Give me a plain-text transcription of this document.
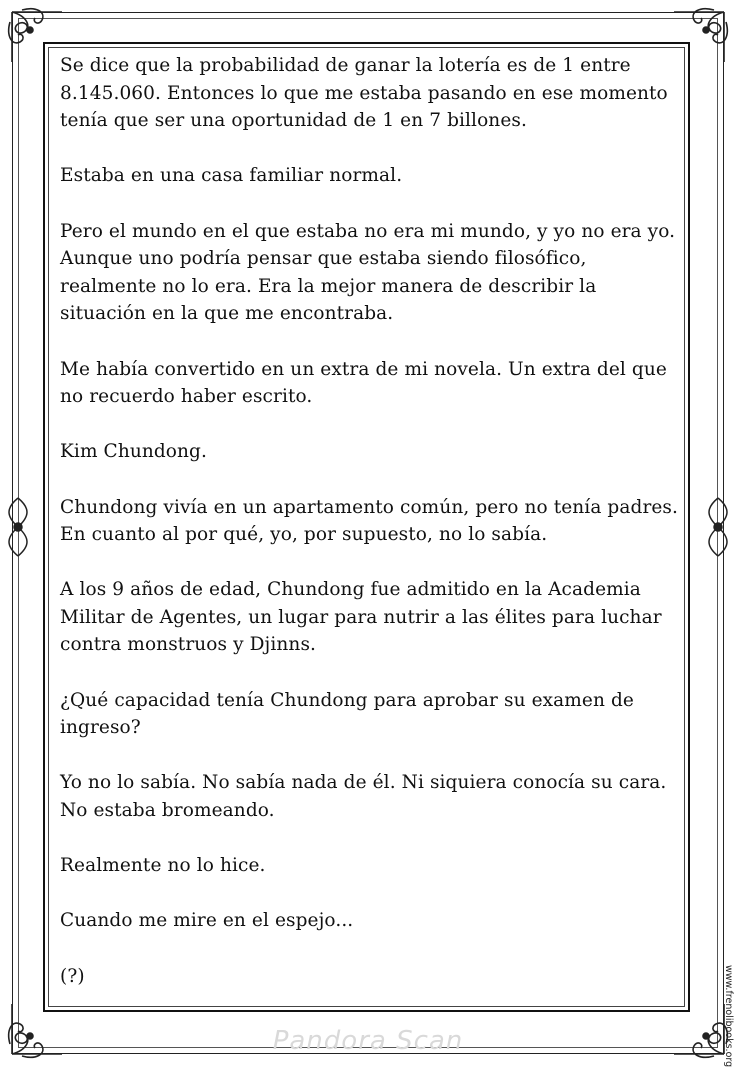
Se dice que la probabilidad de ganar la lotería es de 1 entre 8.145.060. Entonces lo que me estaba pasando en ese momento tenía que ser una oportunidad de 1 en 7 billones.

Estaba en una casa familiar normal.

Pero el mundo en el que estaba no era mi mundo, y yo no era yo. Aunque uno podría pensar que estaba siendo filosófico, realmente no lo era. Era la mejor manera de describir la situación en la que me encontraba.

Me había convertido en un extra de mi novela. Un extra del que no recuerdo haber escrito.

Kim Chundong.

Chundong vivía en un apartamento común, pero no tenía padres. En cuanto al por qué, yo, por supuesto, no lo sabía.

A los 9 años de edad, Chundong fue admitido en la Academia Militar de Agentes, un lugar para nutrir a las élites para luchar contra monstruos y Djinns.

¿Qué capacidad tenía Chundong para aprobar su examen de ingreso?

Yo no lo sabía. No sabía nada de él. Ni siquiera conocía su cara. No estaba bromeando.

Realmente no lo hice.

Cuando me mire en el espejo...

(?)

Pandora Scan	www.frenolibooks.org
